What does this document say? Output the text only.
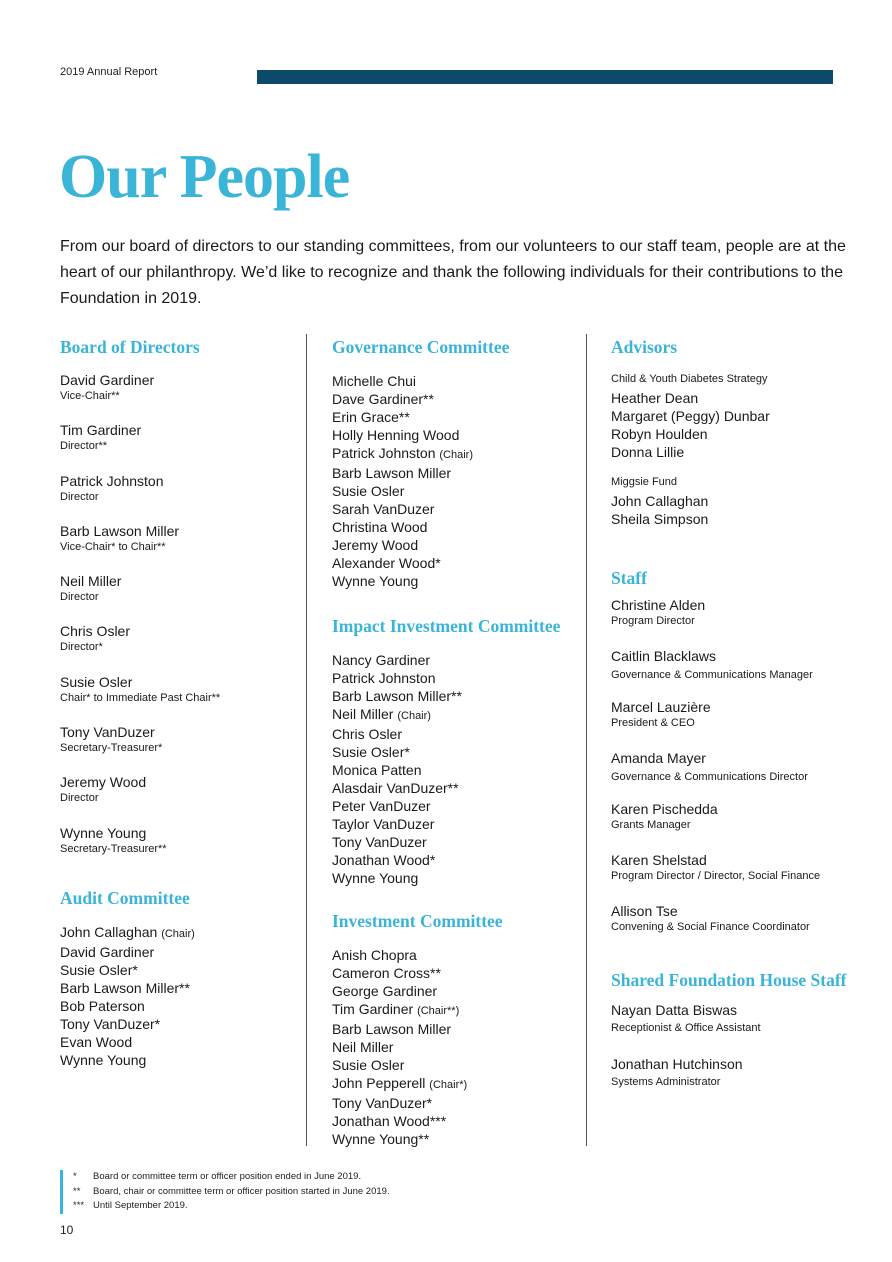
2019 Annual Report
Our People

From our board of directors to our standing committees, from our volunteers to our staff team, people are at the heart of our philanthropy. We’d like to recognize and thank the following individuals for their contributions to the Foundation in 2019.

Board of Directors
David Gardiner
Vice-Chair**
Tim Gardiner
Director**
Patrick Johnston
Director
Barb Lawson Miller
Vice-Chair* to Chair**
Neil Miller
Director
Chris Osler
Director*
Susie Osler
Chair* to Immediate Past Chair**
Tony VanDuzer
Secretary-Treasurer*
Jeremy Wood
Director
Wynne Young
Secretary-Treasurer**
Audit Committee
John Callaghan (Chair)
David Gardiner
Susie Osler*
Barb Lawson Miller**
Bob Paterson
Tony VanDuzer*
Evan Wood
Wynne Young
Governance Committee
Michelle Chui
Dave Gardiner**
Erin Grace**
Holly Henning Wood
Patrick Johnston (Chair)
Barb Lawson Miller
Susie Osler
Sarah VanDuzer
Christina Wood
Jeremy Wood
Alexander Wood*
Wynne Young
Impact Investment Committee
Nancy Gardiner
Patrick Johnston
Barb Lawson Miller**
Neil Miller (Chair)
Chris Osler
Susie Osler*
Monica Patten
Alasdair VanDuzer**
Peter VanDuzer
Taylor VanDuzer
Tony VanDuzer
Jonathan Wood*
Wynne Young
Investment Committee
Anish Chopra
Cameron Cross**
George Gardiner
Tim Gardiner (Chair**)
Barb Lawson Miller
Neil Miller
Susie Osler
John Pepperell (Chair*)
Tony VanDuzer*
Jonathan Wood***
Wynne Young**
Advisors
Child & Youth Diabetes Strategy
Heather Dean
Margaret (Peggy) Dunbar
Robyn Houlden
Donna Lillie
Miggsie Fund
John Callaghan
Sheila Simpson
Staff
Christine Alden
Program Director
Caitlin Blacklaws
Governance & Communications Manager
Marcel Lauzière
President & CEO
Amanda Mayer
Governance & Communications Director
Karen Pischedda
Grants Manager
Karen Shelstad
Program Director / Director, Social Finance
Allison Tse
Convening & Social Finance Coordinator
Shared Foundation House Staff
Nayan Datta Biswas
Receptionist & Office Assistant
Jonathan Hutchinson
Systems Administrator
* Board or committee term or officer position ended in June 2019.
** Board, chair or committee term or officer position started in June 2019.
*** Until September 2019.
10
